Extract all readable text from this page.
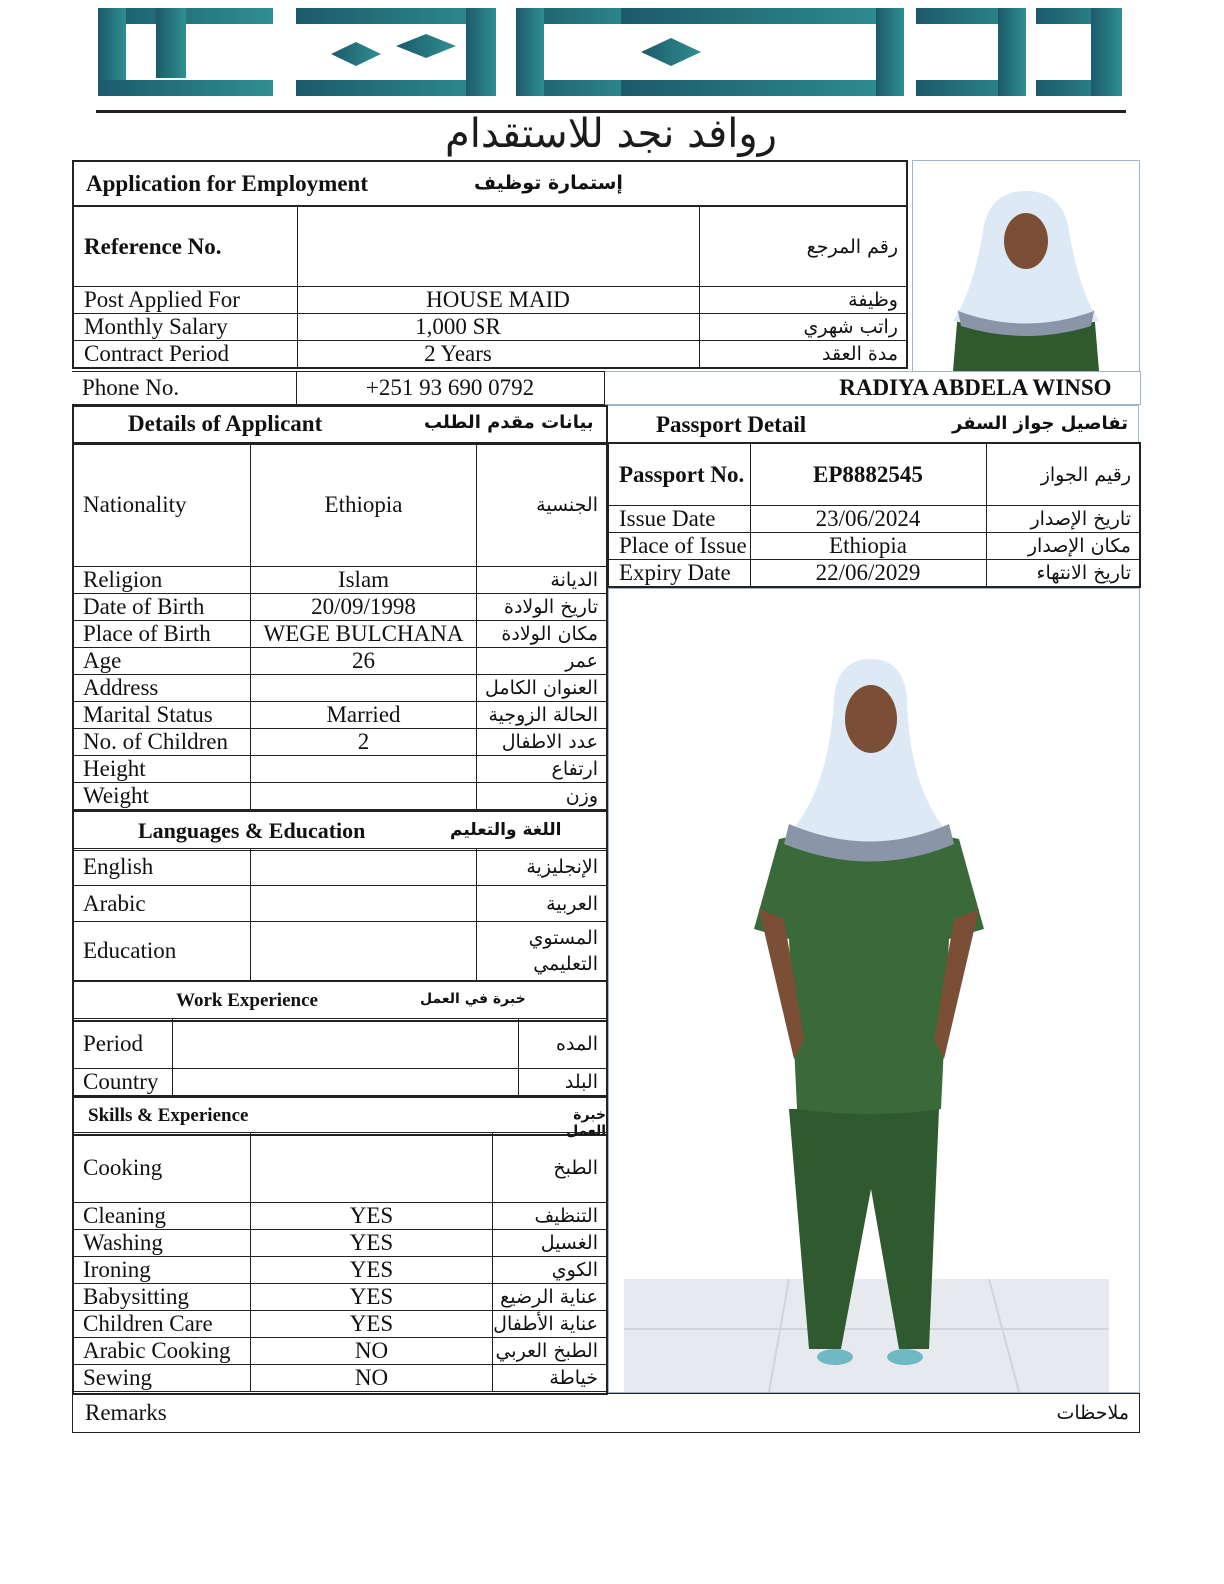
روافد نجد للاستقدام
Application for Employment	إستمارة توظيف
Reference No.		رقم المرجع
Post Applied For	HOUSE MAID	وظيفة
Monthly Salary	1,000 SR	راتب شهري
Contract Period	2 Years	مدة العقد
Phone No.	+251 93 690 0792	RADIYA ABDELA WINSO
Details of Applicant	بيانات مقدم الطلب
Nationality	Ethiopia	الجنسية
Religion	Islam	الديانة
Date of Birth	20/09/1998	تاريخ الولادة
Place of Birth	WEGE BULCHANA	مكان الولادة
Age	26	عمر
Address		العنوان الكامل
Marital Status	Married	الحالة الزوجية
No. of Children	2	عدد الاطفال
Height		ارتفاع
Weight		وزن
Languages & Education	اللغة والتعليم
English		الإنجليزية
Arabic		العربية
Education		المستوي
التعليمي
Work Experience	خبرة في العمل
Period		المده
Country		البلد
Skills & Experience	خبرة العمل
Cooking		الطبخ
Cleaning	YES	التنظيف
Washing	YES	الغسيل
Ironing	YES	الكوي
Babysitting	YES	عناية الرضيع
Children Care	YES	عناية الأطفال
Arabic Cooking	NO	الطبخ العربي
Sewing	NO	خياطة
Passport Detail	تفاصيل جواز السفر
Passport No.	EP8882545	رقيم الجواز
Issue Date	23/06/2024	تاريخ الإصدار
Place of Issue	Ethiopia	مكان الإصدار
Expiry Date	22/06/2029	تاريخ الانتهاء
Remarks	ملاحظات
